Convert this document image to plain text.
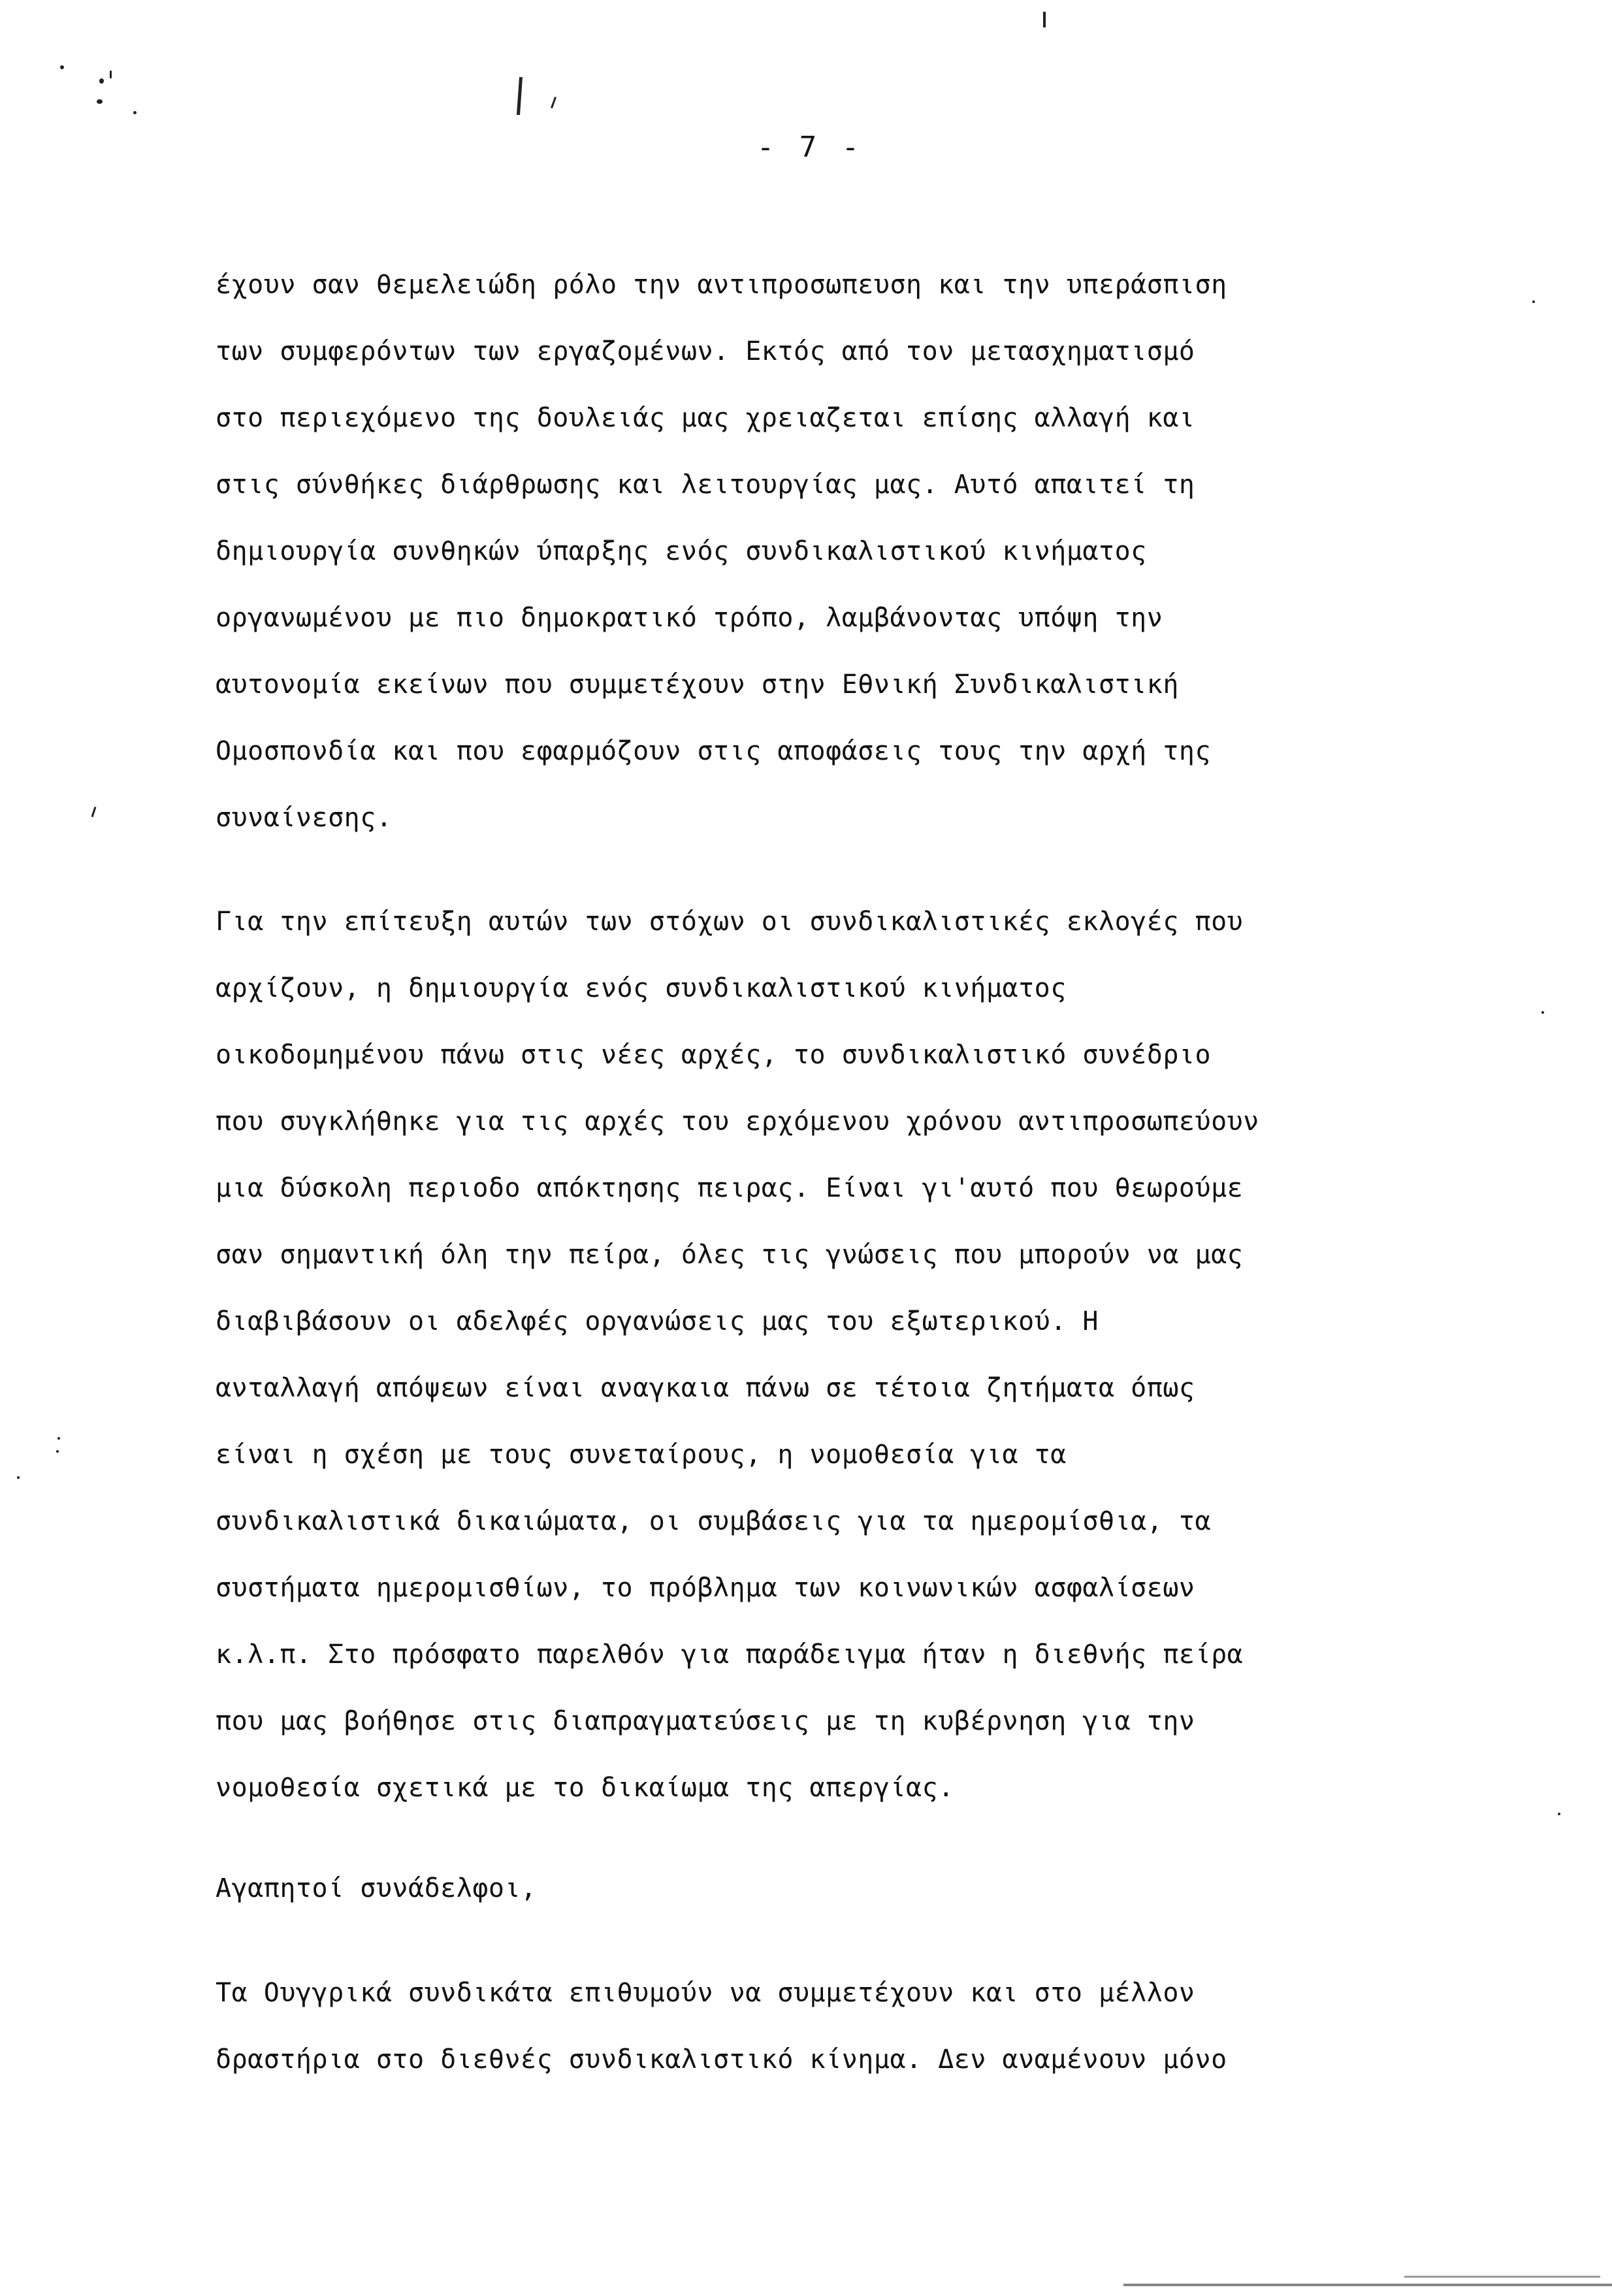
- 7 -
έχουν σαν θεμελειώδη ρόλο την αντιπροσωπευση και την υπεράσπιση
των συμφερόντων των εργαζομένων. Εκτός από τον μετασχηματισμό
στο περιεχόμενο της δουλειάς μας χρειαζεται επίσης αλλαγή και
στις σύνθήκες διάρθρωσης και λειτουργίας μας. Αυτό απαιτεί τη
δημιουργία συνθηκών ύπαρξης ενός συνδικαλιστικού κινήματος
οργανωμένου με πιο δημοκρατικό τρόπο, λαμβάνοντας υπόψη την
αυτονομία εκείνων που συμμετέχουν στην Εθνική Συνδικαλιστική
Ομοσπονδία και που εφαρμόζουν στις αποφάσεις τους την αρχή της
συναίνεσης.
Για την επίτευξη αυτών των στόχων οι συνδικαλιστικές εκλογές που
αρχίζουν, η δημιουργία ενός συνδικαλιστικού κινήματος
οικοδομημένου πάνω στις νέες αρχές, το συνδικαλιστικό συνέδριο
που συγκλήθηκε για τις αρχές του ερχόμενου χρόνου αντιπροσωπεύουν
μια δύσκολη περιοδο απόκτησης πειρας. Είναι γι'αυτό που θεωρούμε
σαν σημαντική όλη την πείρα, όλες τις γνώσεις που μπορούν να μας
διαβιβάσουν οι αδελφές οργανώσεις μας του εξωτερικού. Η
ανταλλαγή απόψεων είναι αναγκαια πάνω σε τέτοια ζητήματα όπως
είναι η σχέση με τους συνεταίρους, η νομοθεσία για τα
συνδικαλιστικά δικαιώματα, οι συμβάσεις για τα ημερομίσθια, τα
συστήματα ημερομισθίων, το πρόβλημα των κοινωνικών ασφαλίσεων
κ.λ.π. Στο πρόσφατο παρελθόν για παράδειγμα ήταν η διεθνής πείρα
που μας βοήθησε στις διαπραγματεύσεις με τη κυβέρνηση για την
νομοθεσία σχετικά με το δικαίωμα της απεργίας.
Αγαπητοί συνάδελφοι,
Τα Ουγγρικά συνδικάτα επιθυμούν να συμμετέχουν και στο μέλλον
δραστήρια στο διεθνές συνδικαλιστικό κίνημα. Δεν αναμένουν μόνο
